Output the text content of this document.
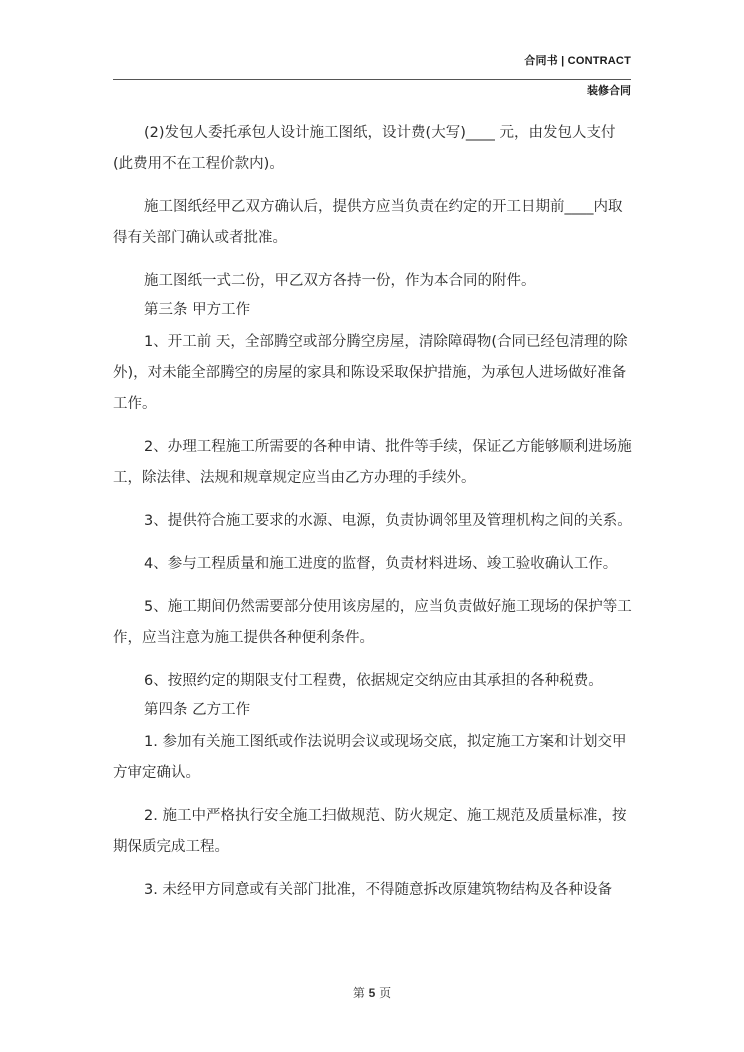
合同书 | CONTRACT
装修合同

(2)发包人委托承包人设计施工图纸，设计费(大写)____ 元，由发包人支付(此费用不在工程价款内)。

施工图纸经甲乙双方确认后，提供方应当负责在约定的开工日期前____内取得有关部门确认或者批准。

施工图纸一式二份，甲乙双方各持一份，作为本合同的附件。

第三条 甲方工作

1、开工前 天，全部腾空或部分腾空房屋，清除障碍物(合同已经包清理的除外)，对未能全部腾空的房屋的家具和陈设采取保护措施，为承包人进场做好准备工作。

2、办理工程施工所需要的各种申请、批件等手续，保证乙方能够顺利进场施工，除法律、法规和规章规定应当由乙方办理的手续外。

3、提供符合施工要求的水源、电源，负责协调邻里及管理机构之间的关系。

4、参与工程质量和施工进度的监督，负责材料进场、竣工验收确认工作。

5、施工期间仍然需要部分使用该房屋的，应当负责做好施工现场的保护等工作，应当注意为施工提供各种便利条件。

6、按照约定的期限支付工程费，依据规定交纳应由其承担的各种税费。

第四条 乙方工作

1. 参加有关施工图纸或作法说明会议或现场交底，拟定施工方案和计划交甲方审定确认。

2. 施工中严格执行安全施工扫做规范、防火规定、施工规范及质量标准，按期保质完成工程。

3. 未经甲方同意或有关部门批准，不得随意拆改原建筑物结构及各种设备

第 5 页
